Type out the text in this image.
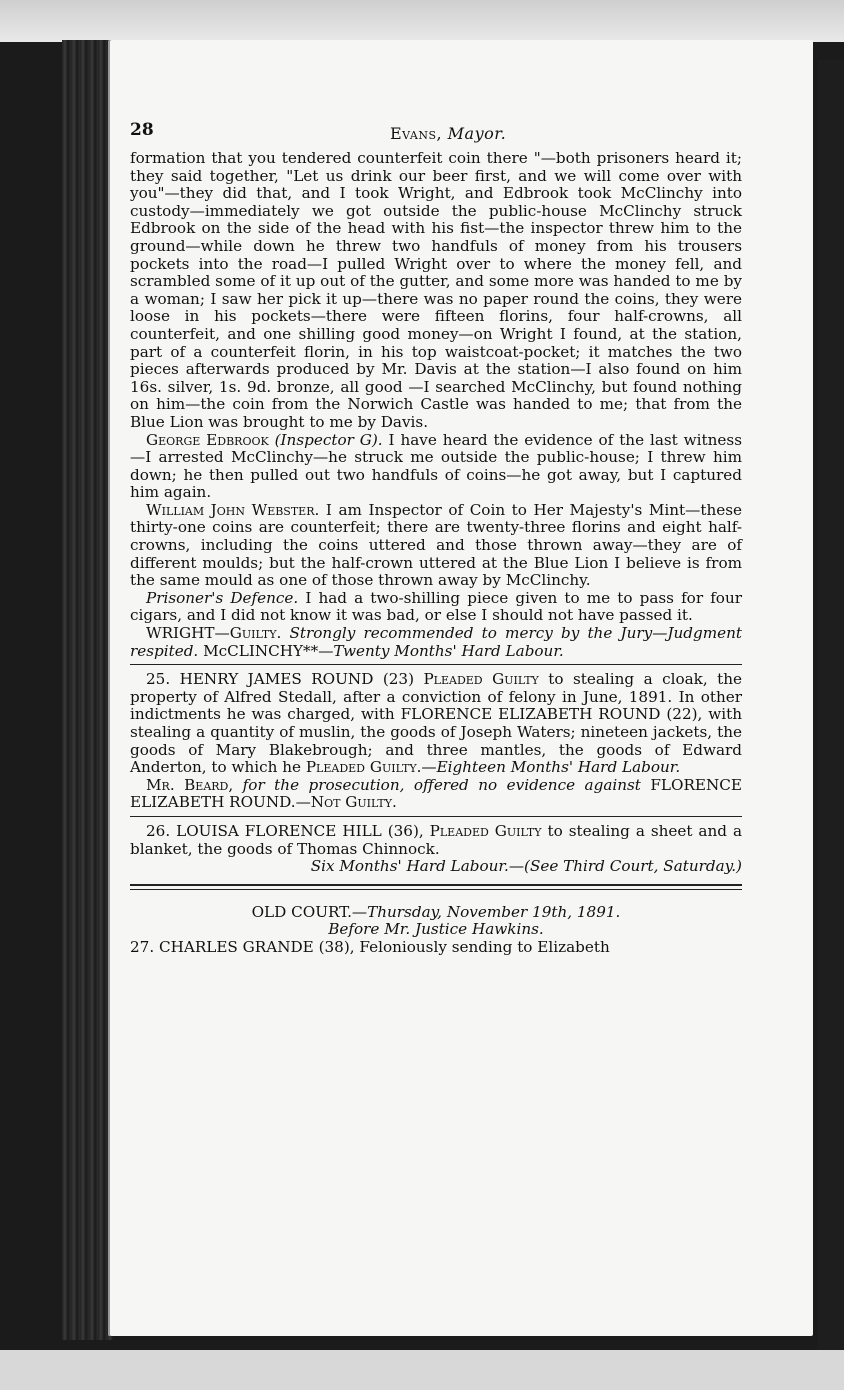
28	Evans, Mayor.

formation that you tendered counterfeit coin there "—both prisoners heard it; they said together, "Let us drink our beer first, and we will come over with you"—they did that, and I took Wright, and Edbrook took McClinchy into custody—immediately we got outside the public-house McClinchy struck Edbrook on the side of the head with his fist—the inspector threw him to the ground—while down he threw two handfuls of money from his trousers pockets into the road—I pulled Wright over to where the money fell, and scrambled some of it up out of the gutter, and some more was handed to me by a woman; I saw her pick it up—there was no paper round the coins, they were loose in his pockets—there were fifteen florins, four half-crowns, all counterfeit, and one shilling good money—on Wright I found, at the station, part of a counterfeit florin, in his top waistcoat-pocket; it matches the two pieces afterwards produced by Mr. Davis at the station—I also found on him 16s. silver, 1s. 9d. bronze, all good —I searched McClinchy, but found nothing on him—the coin from the Norwich Castle was handed to me; that from the Blue Lion was brought to me by Davis.

George Edbrook (Inspector G). I have heard the evidence of the last witness—I arrested McClinchy—he struck me outside the public-house; I threw him down; he then pulled out two handfuls of coins—he got away, but I captured him again.

William John Webster. I am Inspector of Coin to Her Majesty's Mint—these thirty-one coins are counterfeit; there are twenty-three florins and eight half-crowns, including the coins uttered and those thrown away—they are of different moulds; but the half-crown uttered at the Blue Lion I believe is from the same mould as one of those thrown away by McClinchy.

Prisoner's Defence. I had a two-shilling piece given to me to pass for four cigars, and I did not know it was bad, or else I should not have passed it.

WRIGHT—Guilty. Strongly recommended to mercy by the Jury—Judgment respited. McCLINCHY**—Twenty Months' Hard Labour.

25. HENRY JAMES ROUND (23) Pleaded Guilty to stealing a cloak, the property of Alfred Stedall, after a conviction of felony in June, 1891. In other indictments he was charged, with FLORENCE ELIZABETH ROUND (22), with stealing a quantity of muslin, the goods of Joseph Waters; nineteen jackets, the goods of Mary Blakebrough; and three mantles, the goods of Edward Anderton, to which he Pleaded Guilty.—Eighteen Months' Hard Labour.

Mr. Beard, for the prosecution, offered no evidence against FLORENCE ELIZABETH ROUND.—Not Guilty.

26. LOUISA FLORENCE HILL (36), Pleaded Guilty to stealing a sheet and a blanket, the goods of Thomas Chinnock.

Six Months' Hard Labour.—(See Third Court, Saturday.)

OLD COURT.—Thursday, November 19th, 1891.

Before Mr. Justice Hawkins.

27. CHARLES GRANDE (38), Feloniously sending to Elizabeth
